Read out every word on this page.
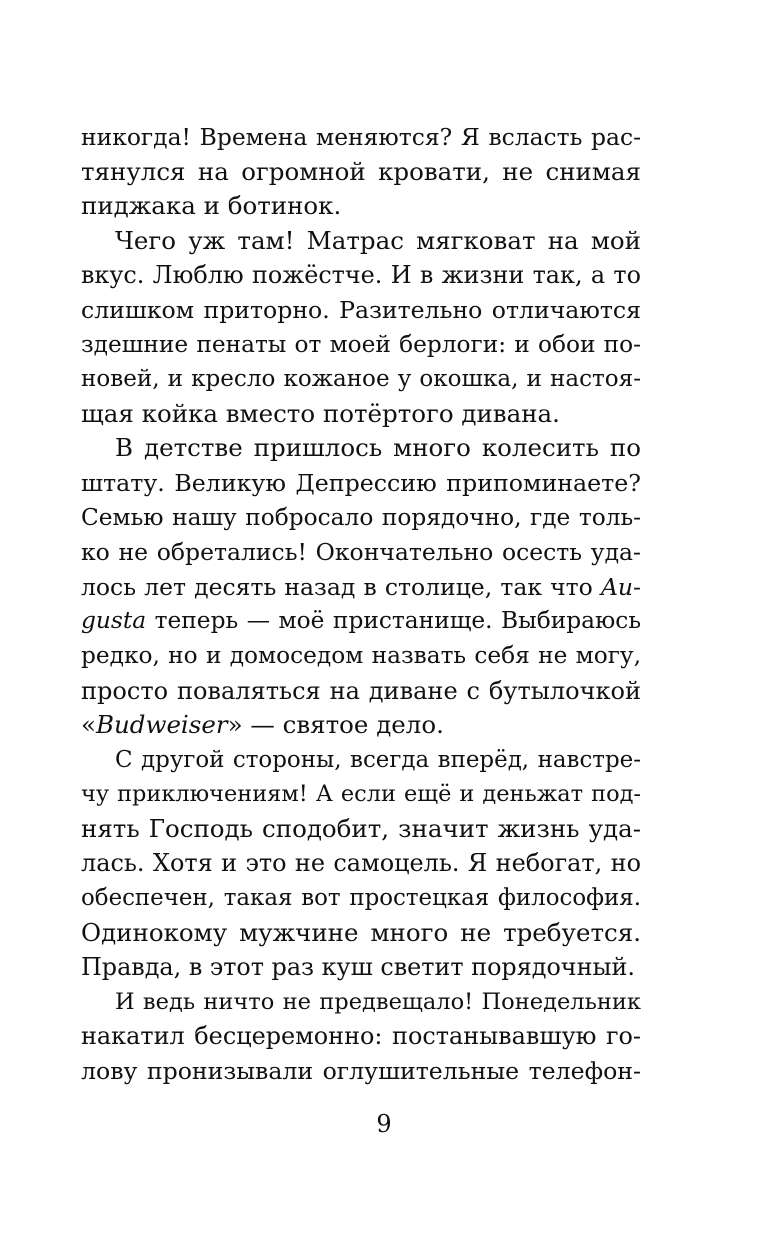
никогда! Времена меняются? Я всласть рас-
тянулся на огромной кровати, не снимая
пиджака и ботинок.
Чего уж там! Матрас мягковат на мой
вкус. Люблю пожёстче. И в жизни так, а то
слишком приторно. Разительно отличаются
здешние пенаты от моей берлоги: и обои по-
новей, и кресло кожаное у окошка, и настоя-
щая койка вместо потёртого дивана.
В детстве пришлось много колесить по
штату. Великую Депрессию припоминаете?
Семью нашу побросало порядочно, где толь-
ко не обретались! Окончательно осесть уда-
лось лет десять назад в столице, так что Au-
gusta теперь — моё пристанище. Выбираюсь
редко, но и домоседом назвать себя не могу,
просто поваляться на диване с бутылочкой
«Budweiser» — святое дело.
С другой стороны, всегда вперёд, навстре-
чу приключениям! А если ещё и деньжат под-
нять Господь сподобит, значит жизнь уда-
лась. Хотя и это не самоцель. Я небогат, но
обеспечен, такая вот простецкая философия.
Одинокому мужчине много не требуется.
Правда, в этот раз куш светит порядочный.
И ведь ничто не предвещало! Понедельник
накатил бесцеремонно: постанывавшую го-
лову пронизывали оглушительные телефон-
9
